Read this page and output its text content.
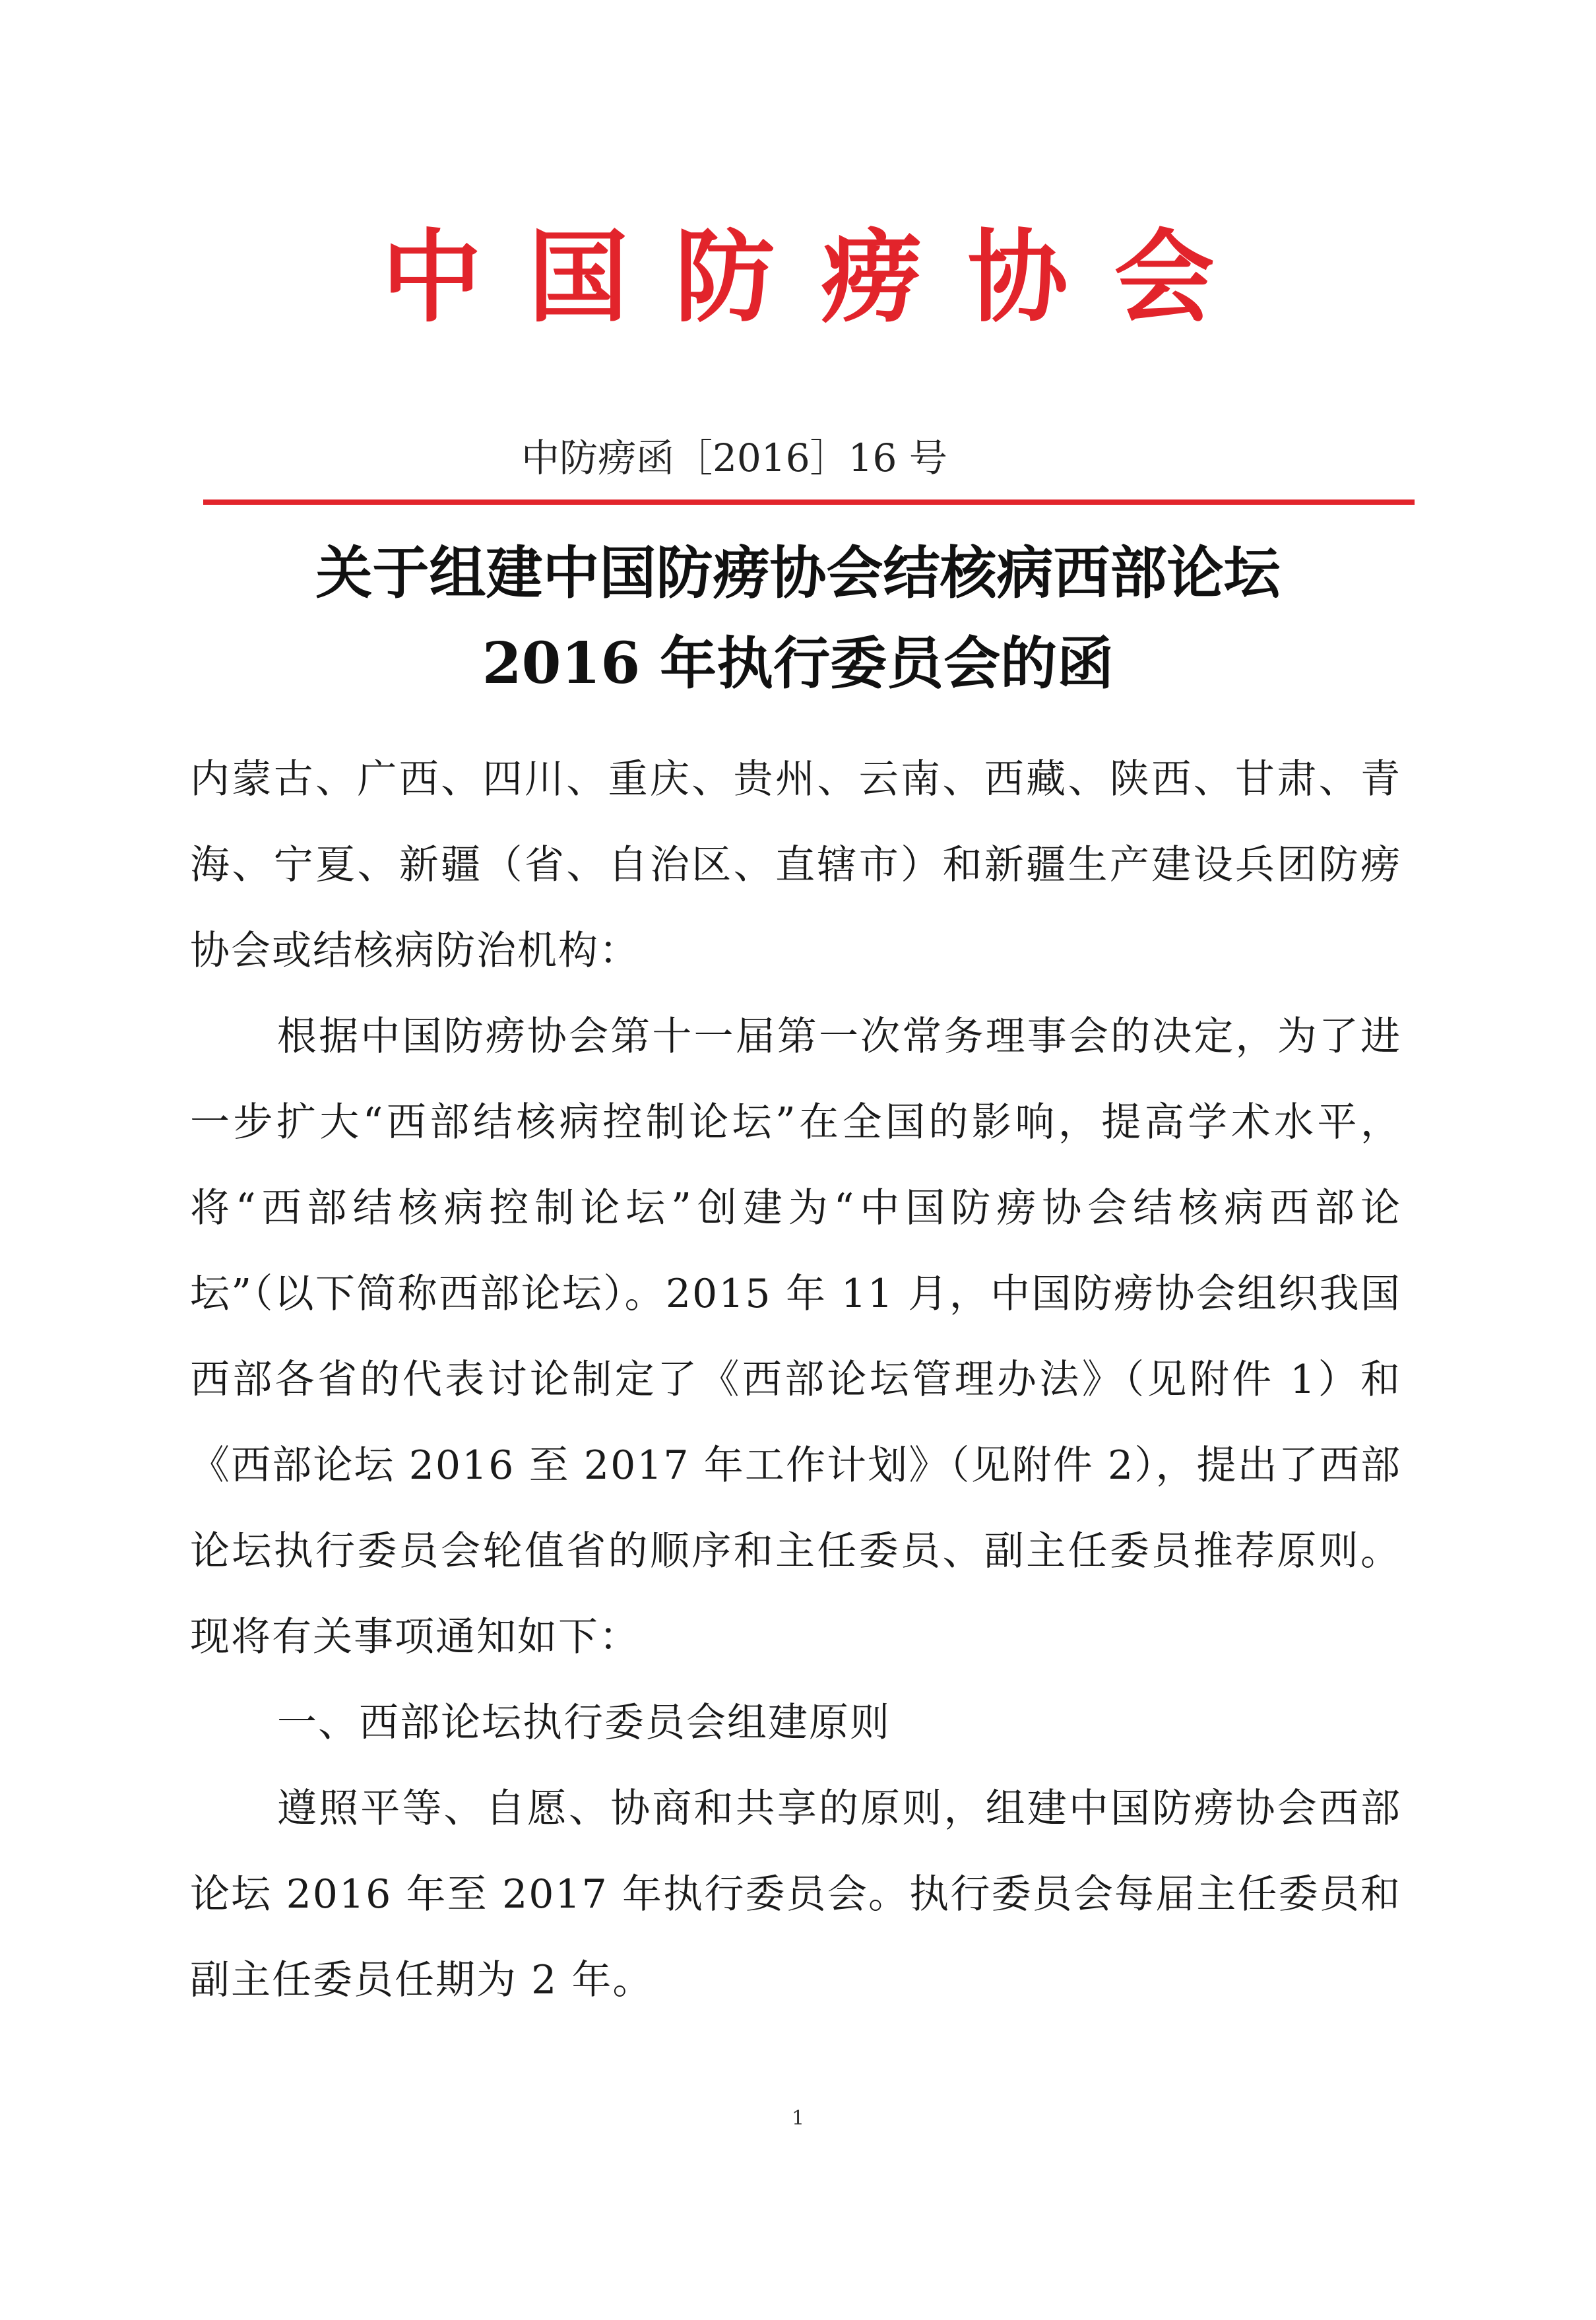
中国防痨协会
中防痨函［2016］16 号
关于组建中国防痨协会结核病西部论坛
2016 年执行委员会的函

内蒙古、广西、四川、重庆、贵州、云南、西藏、陕西、甘肃、青海、宁夏、新疆（省、自治区、直辖市）和新疆生产建设兵团防痨协会或结核病防治机构：

根据中国防痨协会第十一届第一次常务理事会的决定，为了进一步扩大“西部结核病控制论坛”在全国的影响，提高学术水平，将“西部结核病控制论坛”创建为“中国防痨协会结核病西部论坛”（以下简称西部论坛）。2015 年 11 月，中国防痨协会组织我国西部各省的代表讨论制定了《西部论坛管理办法》（见附件 1）和《西部论坛 2016 至 2017 年工作计划》（见附件 2），提出了西部论坛执行委员会轮值省的顺序和主任委员、副主任委员推荐原则。现将有关事项通知如下：

一、西部论坛执行委员会组建原则

遵照平等、自愿、协商和共享的原则，组建中国防痨协会西部论坛 2016 年至 2017 年执行委员会。执行委员会每届主任委员和副主任委员任期为 2 年。

1
